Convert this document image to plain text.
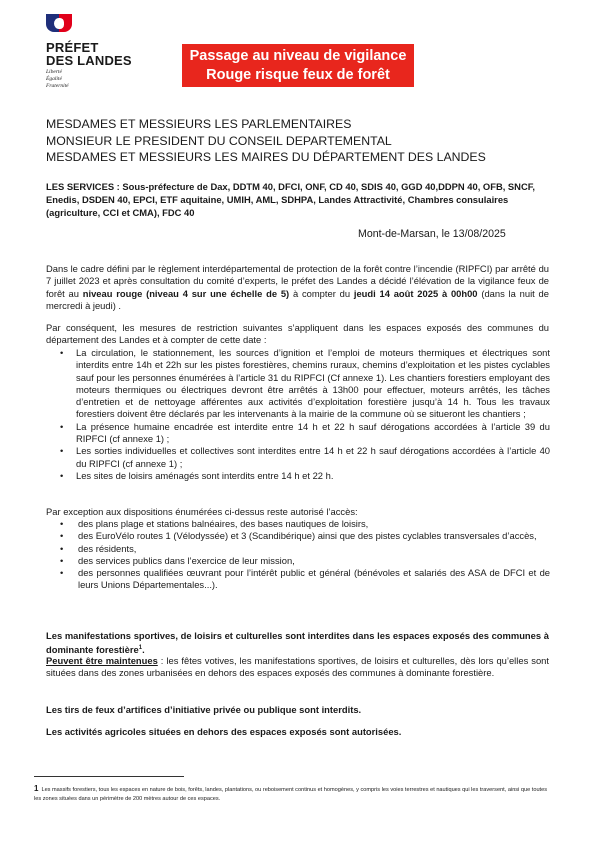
PRÉFET
DES LANDES
Liberté
Égalité
Fraternité
Passage au niveau de vigilance
Rouge risque feux de forêt
MESDAMES ET MESSIEURS LES PARLEMENTAIRES
MONSIEUR LE PRESIDENT DU CONSEIL DEPARTEMENTAL
MESDAMES ET MESSIEURS LES MAIRES DU DÉPARTEMENT DES LANDES

LES SERVICES : Sous-préfecture de Dax, DDTM 40, DFCI, ONF, CD 40, SDIS 40, GGD 40,DDPN 40, OFB, SNCF, Enedis, DSDEN 40, EPCI, ETF aquitaine, UMIH, AML, SDHPA, Landes Attractivité, Chambres consulaires (agriculture, CCI et CMA), FDC 40

Mont-de-Marsan, le 13/08/2025

Dans le cadre défini par le règlement interdépartemental de protection de la forêt contre l’incendie (RIPFCI) par arrêté du 7 juillet 2023 et après consultation du comité d’experts, le préfet des Landes a décidé l’élévation de la vigilance feux de forêt au niveau rouge (niveau 4 sur une échelle de 5) à compter du jeudi 14 août 2025 à 00h00 (dans la nuit de mercredi à jeudi) .

Par conséquent, les mesures de restriction suivantes s’appliquent dans les espaces exposés des communes du département des Landes et à compter de cette date :

• La circulation, le stationnement, les sources d’ignition et l’emploi de moteurs thermiques et électriques sont interdits entre 14h et 22h sur les pistes forestières, chemins ruraux, chemins d’exploitation et les pistes cyclables sauf pour les personnes énumérées à l’article 31 du RIPFCI (Cf annexe 1). Les chantiers forestiers employant des moteurs thermiques ou électriques devront être arrêtés à 13h00 pour effectuer, moteurs arrêtés, les tâches d’entretien et de nettoyage afférentes aux activités d’exploitation forestière jusqu’à 14 h. Tous les travaux forestiers doivent être déclarés par les intervenants à la mairie de la commune où se situeront les chantiers ;
• La présence humaine encadrée est interdite entre 14 h et 22 h sauf dérogations accordées à l’article 39 du RIPFCI (cf annexe 1) ;
• Les sorties individuelles et collectives sont interdites entre 14 h et 22 h sauf dérogations accordées à l’article 40 du RIPFCI (cf annexe 1) ;
• Les sites de loisirs aménagés sont interdits entre 14 h et 22 h.

Par exception aux dispositions énumérées ci-dessus reste autorisé l’accès:

• des plans plage et stations balnéaires, des bases nautiques de loisirs,
• des EuroVélo routes 1 (Vélodyssée) et 3 (Scandibérique) ainsi que des pistes cyclables transversales d’accès,
• des résidents,
• des services publics dans l’exercice de leur mission,
• des personnes qualifiées œuvrant pour l’intérêt public et général (bénévoles et salariés des ASA de DFCI et de leurs Unions Départementales...).

Les manifestations sportives, de loisirs et culturelles sont interdites dans les espaces exposés des communes à dominante forestière$^1$.

Peuvent être maintenues : les fêtes votives, les manifestations sportives, de loisirs et culturelles, dès lors qu’elles sont situées dans des zones urbanisées en dehors des espaces exposés des communes à dominante forestière.

Les tirs de feux d’artifices d’initiative privée ou publique sont interdits.

Les activités agricoles situées en dehors des espaces exposés sont autorisées.

1 Les massifs forestiers, tous les espaces en nature de bois, forêts, landes, plantations, ou reboisement continus et homogènes, y compris les voies terrestres et nautiques qui les traversent, ainsi que toutes les zones situées dans un périmètre de 200 mètres autour de ces espaces.
